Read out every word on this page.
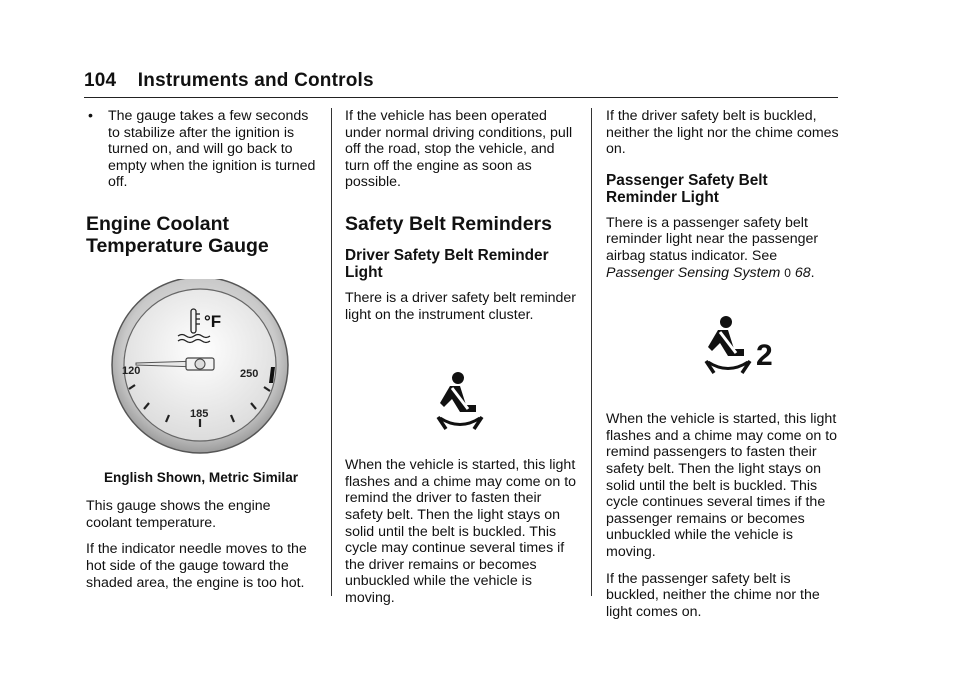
104 Instruments and Controls
• The gauge takes a few seconds to stabilize after the ignition is turned on, and will go back to empty when the ignition is turned off.
Engine Coolant Temperature Gauge
°F
120
185
250
English Shown, Metric Similar

This gauge shows the engine coolant temperature.

If the indicator needle moves to the hot side of the gauge toward the shaded area, the engine is too hot.

If the vehicle has been operated under normal driving conditions, pull off the road, stop the vehicle, and turn off the engine as soon as possible.

Safety Belt Reminders
Driver Safety Belt Reminder Light

There is a driver safety belt reminder light on the instrument cluster.

When the vehicle is started, this light flashes and a chime may come on to remind the driver to fasten their safety belt. Then the light stays on solid until the belt is buckled. This cycle may continue several times if the driver remains or becomes unbuckled while the vehicle is moving.

If the driver safety belt is buckled, neither the light nor the chime comes on.

Passenger Safety Belt Reminder Light

There is a passenger safety belt reminder light near the passenger airbag status indicator. See
Passenger Sensing System 0 68.

2

When the vehicle is started, this light flashes and a chime may come on to remind passengers to fasten their safety belt. Then the light stays on solid until the belt is buckled. This cycle continues several times if the passenger remains or becomes unbuckled while the vehicle is moving.

If the passenger safety belt is buckled, neither the chime nor the light comes on.
